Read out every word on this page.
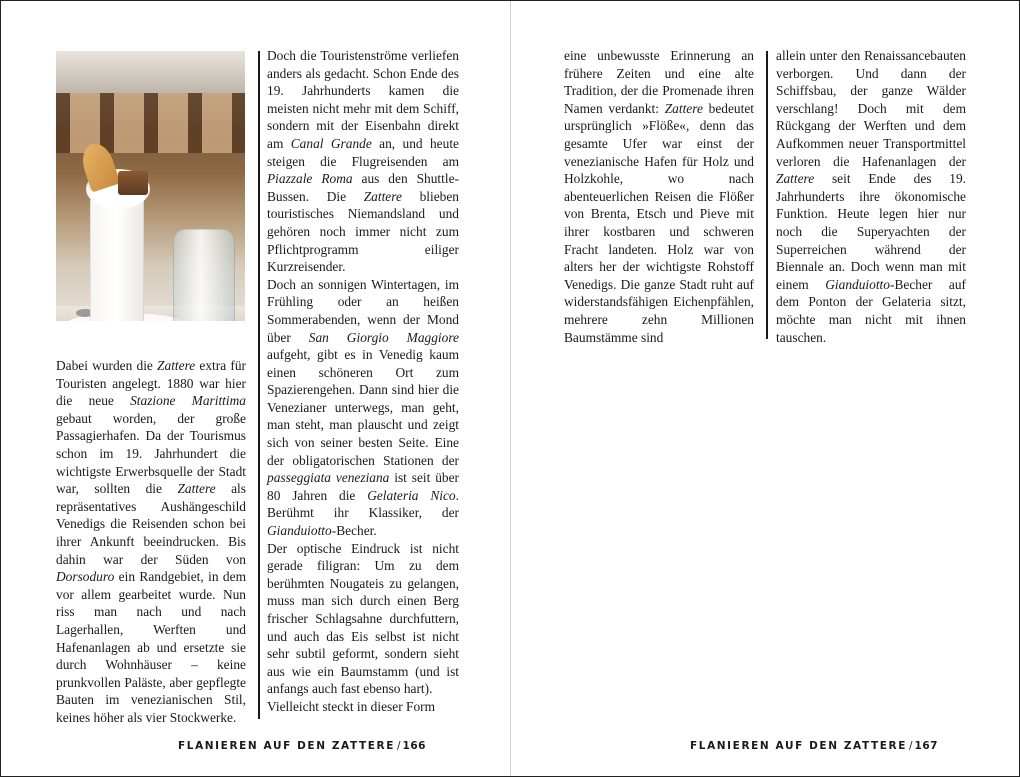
Dabei wurden die Zattere extra für Touristen angelegt. 1880 war hier die neue Stazione Marittima gebaut worden, der große Passagierhafen. Da der Tourismus schon im 19. Jahrhundert die wichtigste Erwerbsquelle der Stadt war, sollten die Zattere als repräsentatives Aushängeschild Venedigs die Reisenden schon bei ihrer Ankunft beeindrucken. Bis dahin war der Süden von Dorsoduro ein Randgebiet, in dem vor allem gearbeitet wurde. Nun riss man nach und nach Lagerhallen, Werften und Hafenanlagen ab und ersetzte sie durch Wohnhäuser – keine prunkvollen Paläste, aber gepflegte Bauten im venezianischen Stil, keines höher als vier Stockwerke.

Doch die Touristenströme verliefen anders als gedacht. Schon Ende des 19. Jahrhunderts kamen die meisten nicht mehr mit dem Schiff, sondern mit der Eisenbahn direkt am Canal Grande an, und heute steigen die Flugreisenden am Piazzale Roma aus den Shuttle-Bussen. Die Zattere blieben touristisches Niemandsland und gehören noch immer nicht zum Pflichtprogramm eiliger Kurzreisender.

Doch an sonnigen Wintertagen, im Frühling oder an heißen Sommerabenden, wenn der Mond über San Giorgio Maggiore aufgeht, gibt es in Venedig kaum einen schöneren Ort zum Spazierengehen. Dann sind hier die Venezianer unterwegs, man geht, man steht, man plauscht und zeigt sich von seiner besten Seite. Eine der obligatorischen Stationen der passeggiata veneziana ist seit über 80 Jahren die Gelateria Nico. Berühmt ihr Klassiker, der Gianduiotto-Becher.

Der optische Eindruck ist nicht gerade filigran: Um zu dem berühmten Nougateis zu gelangen, muss man sich durch einen Berg frischer Schlagsahne durchfuttern, und auch das Eis selbst ist nicht sehr subtil geformt, sondern sieht aus wie ein Baumstamm (und ist anfangs auch fast ebenso hart).

Vielleicht steckt in dieser Form

FLANIEREN AUF DEN ZATTERE / 166

eine unbewusste Erinnerung an frühere Zeiten und eine alte Tradition, der die Promenade ihren Namen verdankt: Zattere bedeutet ursprünglich »Flöße«, denn das gesamte Ufer war einst der venezianische Hafen für Holz und Holzkohle, wo nach abenteuerlichen Reisen die Flößer von Brenta, Etsch und Pieve mit ihrer kostbaren und schweren Fracht landeten. Holz war von alters her der wichtigste Rohstoff Venedigs. Die ganze Stadt ruht auf widerstandsfähigen Eichenpfählen, mehrere zehn Millionen Baumstämme sind

allein unter den Renaissancebauten verborgen. Und dann der Schiffsbau, der ganze Wälder verschlang! Doch mit dem Rückgang der Werften und dem Aufkommen neuer Transportmittel verloren die Hafenanlagen der Zattere seit Ende des 19. Jahrhunderts ihre ökonomische Funktion. Heute legen hier nur noch die Superyachten der Superreichen während der Biennale an. Doch wenn man mit einem Gianduiotto-Becher auf dem Ponton der Gelateria sitzt, möchte man nicht mit ihnen tauschen.

FLANIEREN AUF DEN ZATTERE / 167
